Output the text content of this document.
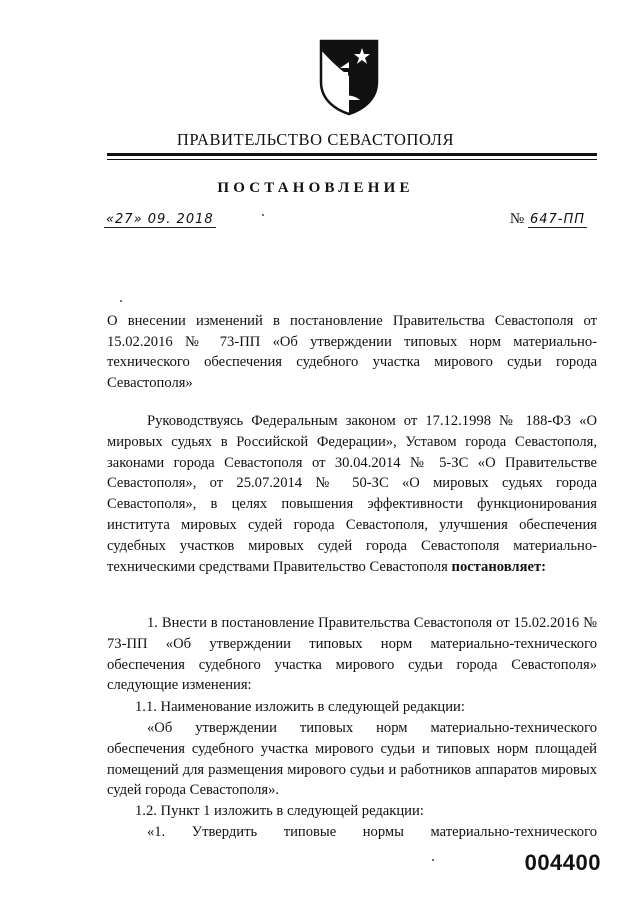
ПРАВИТЕЛЬСТВО СЕВАСТОПОЛЯ
ПОСТАНОВЛЕНИЕ
«27» 09. 2018	№ 647-ПП
О внесении изменений в постановление Правительства Севастополя от 15.02.2016 № 73-ПП «Об утверждении типовых норм материально-технического обеспечения судебного участка мирового судьи города Севастополя»
Руководствуясь Федеральным законом от 17.12.1998 № 188-ФЗ «О мировых судьях в Российской Федерации», Уставом города Севастополя, законами города Севастополя от 30.04.2014 № 5-ЗС «О Правительстве Севастополя», от 25.07.2014 № 50-ЗС «О мировых судьях города Севастополя», в целях повышения эффективности функционирования института мировых судей города Севастополя, улучшения обеспечения судебных участков мировых судей города Севастополя материально-техническими средствами Правительство Севастополя постановляет:
1. Внести в постановление Правительства Севастополя от 15.02.2016 № 73-ПП «Об утверждении типовых норм материально-технического обеспечения судебного участка мирового судьи города Севастополя» следующие изменения:
1.1. Наименование изложить в следующей редакции:
«Об утверждении типовых норм материально-технического обеспечения судебного участка мирового судьи и типовых норм площадей помещений для размещения мирового судьи и работников аппаратов мировых судей города Севастополя».
1.2. Пункт 1 изложить в следующей редакции:
«1. Утвердить типовые нормы материально-технического
004400
